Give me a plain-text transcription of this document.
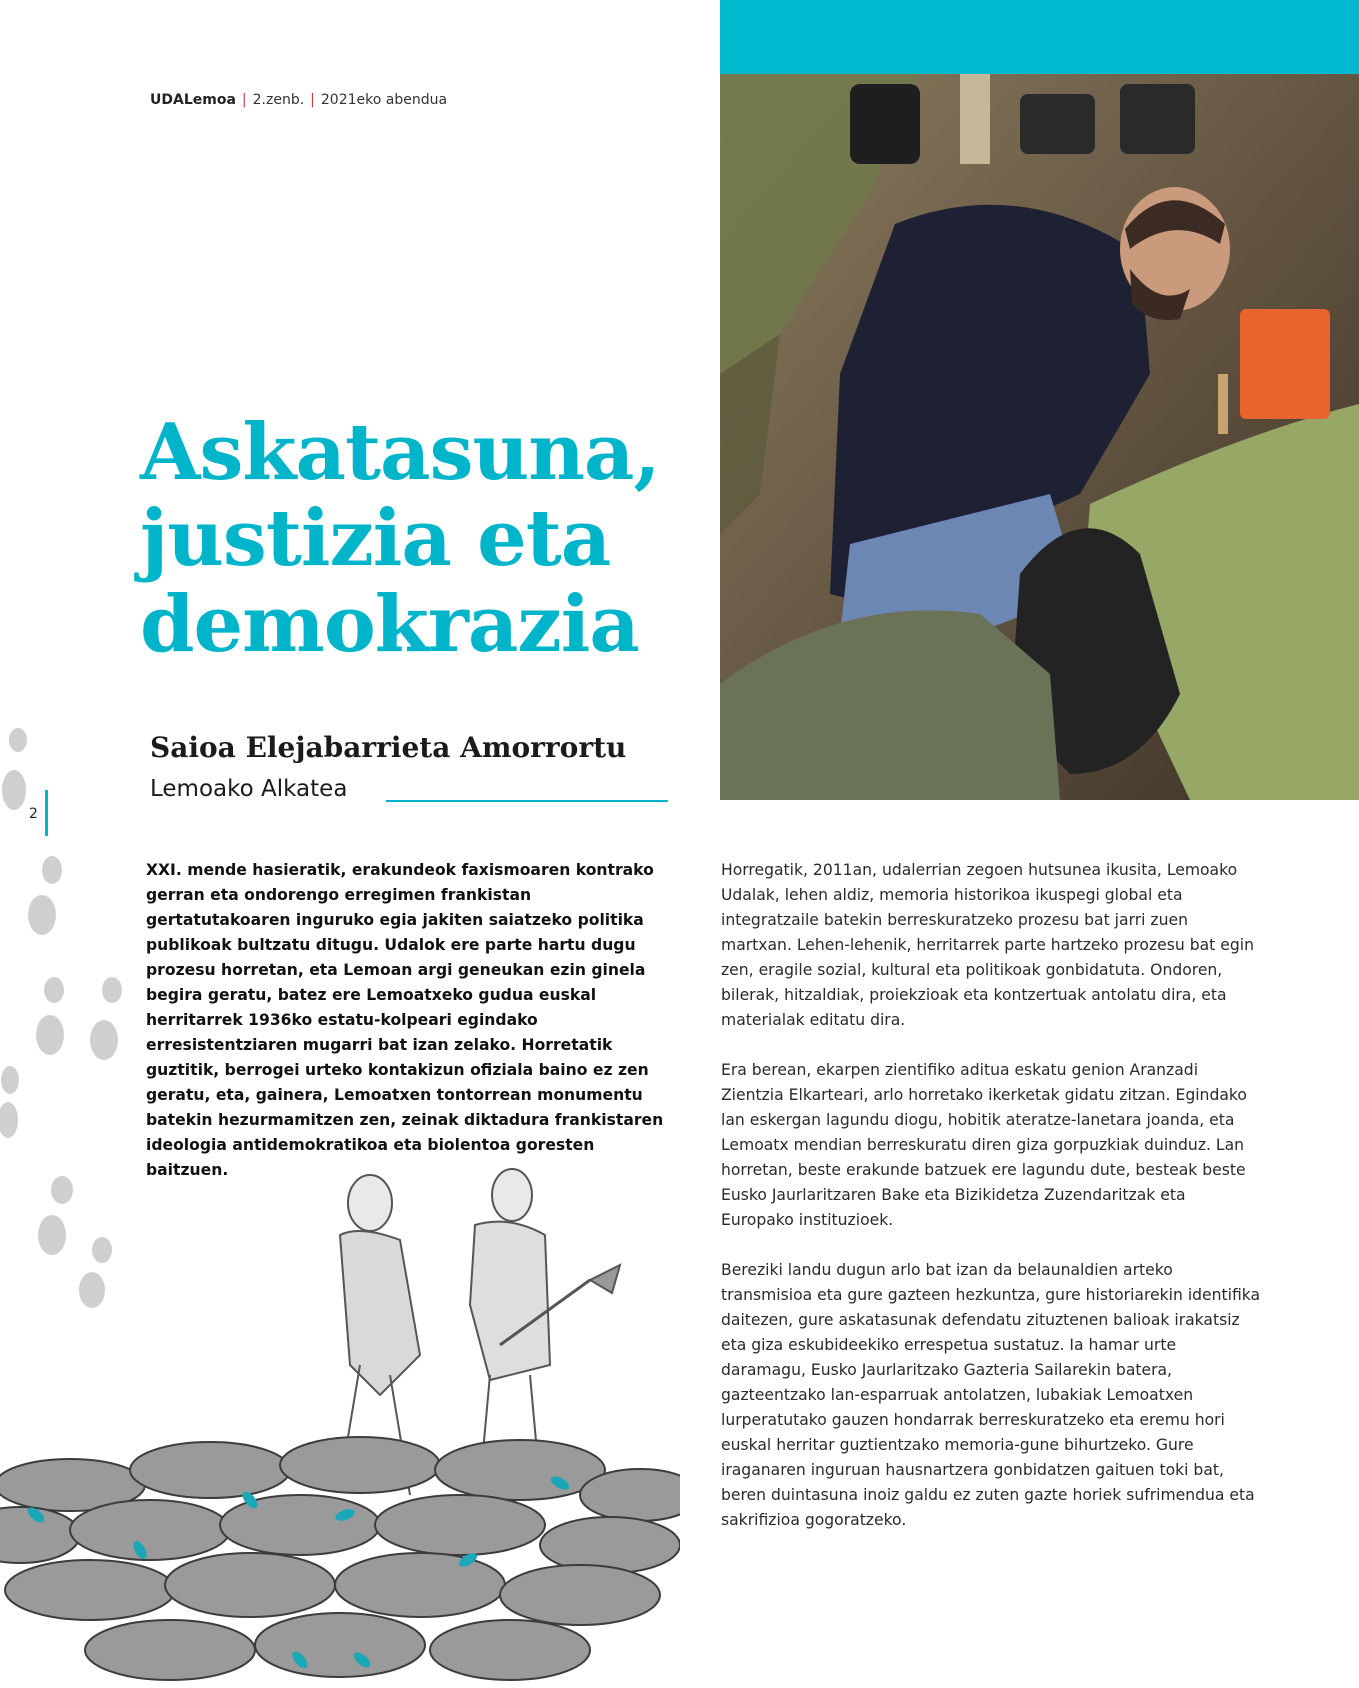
UDALemoa | 2.zenb. | 2021eko abendua
Askatasuna,
justizia eta
demokrazia
Saioa Elejabarrieta Amorrortu
Lemoako Alkatea
2
XXI. mende hasieratik, erakundeok faxismoaren kontrako gerran eta ondorengo erregimen frankistan gertatutakoaren inguruko egia jakiten saiatzeko politika publikoak bultzatu ditugu. Udalok ere parte hartu dugu prozesu horretan, eta Lemoan argi geneukan ezin ginela begira geratu, batez ere Lemoatxeko gudua euskal herritarrek 1936ko estatu-kolpeari egindako erresistentziaren mugarri bat izan zelako. Horretatik guztitik, berrogei urteko kontakizun ofiziala baino ez zen geratu, eta, gainera, Lemoatxen tontorrean monumentu batekin hezurmamitzen zen, zeinak diktadura frankistaren ideologia antidemokratikoa eta biolentoa goresten baitzuen.

Horregatik, 2011an, udalerrian zegoen hutsunea ikusita, Lemoako Udalak, lehen aldiz, memoria historikoa ikuspegi global eta integratzaile batekin berreskuratzeko prozesu bat jarri zuen martxan. Lehen-lehenik, herritarrek parte hartzeko prozesu bat egin zen, eragile sozial, kultural eta politikoak gonbidatuta. Ondoren, bilerak, hitzaldiak, proiekzioak eta kontzertuak antolatu dira, eta materialak editatu dira.

Era berean, ekarpen zientifiko aditua eskatu genion Aranzadi Zientzia Elkarteari, arlo horretako ikerketak gidatu zitzan. Egindako lan eskergan lagundu diogu, hobitik ateratze-lanetara joanda, eta Lemoatx mendian berreskuratu diren giza gorpuzkiak duinduz. Lan horretan, beste erakunde batzuek ere lagundu dute, besteak beste Eusko Jaurlaritzaren Bake eta Bizikidetza Zuzendaritzak eta Europako instituzioek.

Bereziki landu dugun arlo bat izan da belaunaldien arteko transmisioa eta gure gazteen hezkuntza, gure historiarekin identifika daitezen, gure askatasunak defendatu zituztenen balioak irakatsiz eta giza eskubideekiko errespetua sustatuz. Ia hamar urte daramagu, Eusko Jaurlaritzako Gazteria Sailarekin batera, gazteentzako lan-esparruak antolatzen, lubakiak Lemoatxen lurperatutako gauzen hondarrak berreskuratzeko eta eremu hori euskal herritar guztientzako memoria-gune bihurtzeko. Gure iraganaren inguruan hausnartzera gonbidatzen gaituen toki bat, beren duintasuna inoiz galdu ez zuten gazte horiek sufrimendua eta sakrifizioa gogoratzeko.
